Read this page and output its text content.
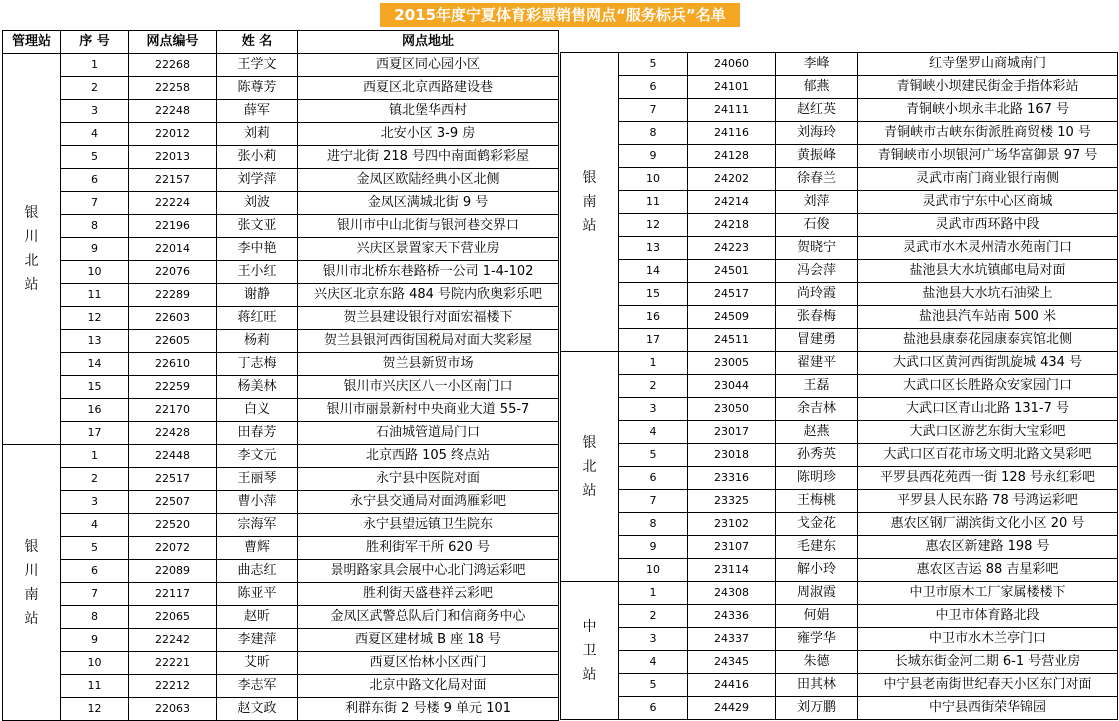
2015年度宁夏体育彩票销售网点“服务标兵”名单
管理站	序 号	网点编号	姓 名	网点地址

银川北站	1	22268	王学文	西夏区同心园小区
	2	22258	陈尊芳	西夏区北京西路建设巷
	3	22248	薛军	镇北堡华西村
	4	22012	刘莉	北安小区 3-9 房
	5	22013	张小莉	进宁北街 218 号四中南面鹤彩彩屋
	6	22157	刘学萍	金凤区欧陆经典小区北侧
	7	22224	刘波	金凤区满城北街 9 号
	8	22196	张文亚	银川市中山北街与银河巷交界口
	9	22014	李中艳	兴庆区景置家天下营业房
	10	22076	王小红	银川市北桥东巷路桥一公司 1-4-102
	11	22289	谢静	兴庆区北京东路 484 号院内欣奥彩乐吧
	12	22603	蒋红旺	贺兰县建设银行对面宏福楼下
	13	22605	杨莉	贺兰县银河西街国税局对面大奖彩屋
	14	22610	丁志梅	贺兰县新贸市场
	15	22259	杨美林	银川市兴庆区八一小区南门口
	16	22170	白义	银川市丽景新村中央商业大道 55-7
	17	22428	田春芳	石油城管道局门口

银川南站	1	22448	李文元	北京西路 105 终点站
	2	22517	王丽琴	永宁县中医院对面
	3	22507	曹小萍	永宁县交通局对面鸿雁彩吧
	4	22520	宗海军	永宁县望远镇卫生院东
	5	22072	曹辉	胜利街军干所 620 号
	6	22089	曲志红	景明路家具会展中心北门鸿运彩吧
	7	22117	陈亚平	胜利街天盛巷祥云彩吧
	8	22065	赵昕	金凤区武警总队后门和信商务中心
	9	22242	李建萍	西夏区建材城 B 座 18 号
	10	22221	艾昕	西夏区怡林小区西门
	11	22212	李志军	北京中路文化局对面
	12	22063	赵文政	利群东街 2 号楼 9 单元 101
银南站	5	24060	李峰	红寺堡罗山商城南门
	6	24101	郁燕	青铜峡小坝建民街金手指体彩站
	7	24111	赵红英	青铜峡小坝永丰北路 167 号
	8	24116	刘海玲	青铜峡市古峡东街派胜商贸楼 10 号
	9	24128	黄振峰	青铜峡市小坝银河广场华富御景 97 号
	10	24202	徐春兰	灵武市南门商业银行南侧
	11	24214	刘萍	灵武市宁东中心区商城
	12	24218	石俊	灵武市西环路中段
	13	24223	贺晓宁	灵武市水木灵州清水苑南门口
	14	24501	冯会萍	盐池县大水坑镇邮电局对面
	15	24517	尚玲霞	盐池县大水坑石油梁上
	16	24509	张春梅	盐池县汽车站南 500 米
	17	24511	冒建勇	盐池县康泰花园康泰宾馆北侧

银北站	1	23005	翟建平	大武口区黄河西街凯旋城 434 号
	2	23044	王磊	大武口区长胜路众安家园门口
	3	23050	余吉林	大武口区青山北路 131-7 号
	4	23017	赵燕	大武口区游艺东街大宝彩吧
	5	23018	孙秀英	大武口区百花市场文明北路文昊彩吧
	6	23316	陈明珍	平罗县西花苑西一街 128 号永红彩吧
	7	23325	王梅桃	平罗县人民东路 78 号鸿运彩吧
	8	23102	戈金花	惠农区钢厂湖滨街文化小区 20 号
	9	23107	毛建东	惠农区新建路 198 号
	10	23114	解小玲	惠农区吉运 88 吉星彩吧

中卫站	1	24308	周淑霞	中卫市原木工厂家属楼楼下
	2	24336	何娟	中卫市体育路北段
	3	24337	雍学华	中卫市水木兰亭门口
	4	24345	朱德	长城东街金河二期 6-1 号营业房
	5	24416	田其林	中宁县老南街世纪春天小区东门对面
	6	24429	刘万鹏	中宁县西街荣华锦园
